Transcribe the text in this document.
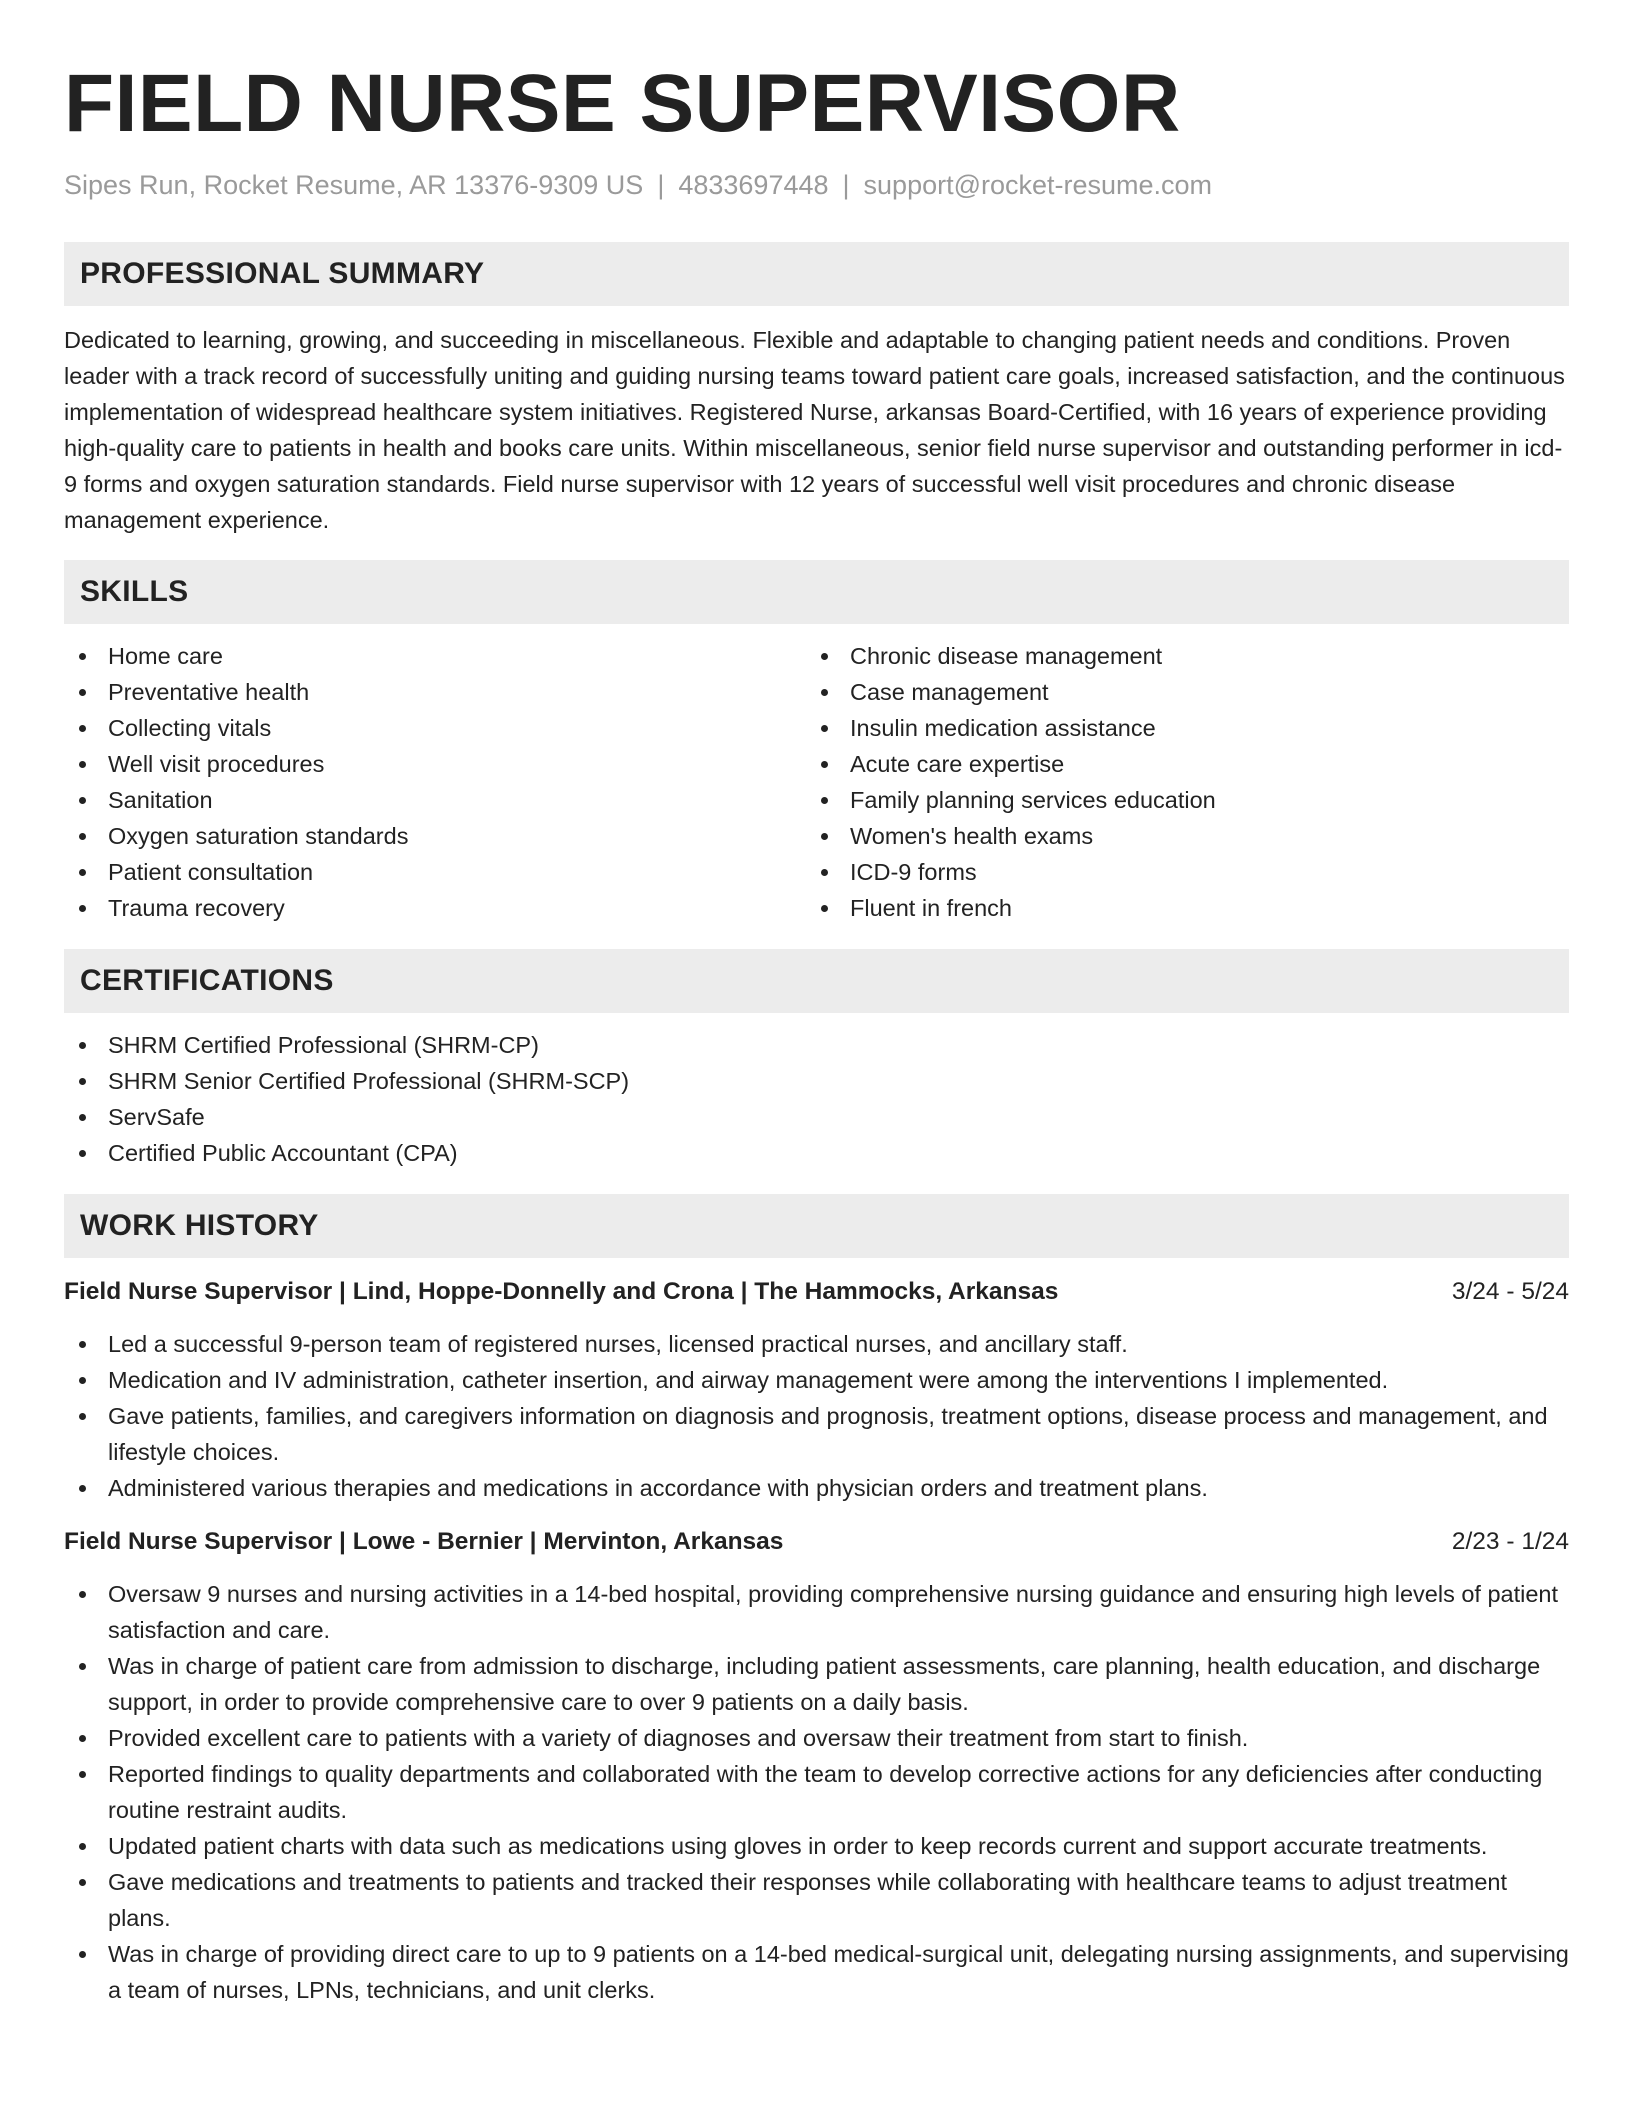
FIELD NURSE SUPERVISOR
Sipes Run, Rocket Resume, AR 13376-9309 US | 4833697448 | support@rocket-resume.com
PROFESSIONAL SUMMARY
Dedicated to learning, growing, and succeeding in miscellaneous. Flexible and adaptable to changing patient needs and conditions. Proven leader with a track record of successfully uniting and guiding nursing teams toward patient care goals, increased satisfaction, and the continuous implementation of widespread healthcare system initiatives. Registered Nurse, arkansas Board-Certified, with 16 years of experience providing high-quality care to patients in health and books care units. Within miscellaneous, senior field nurse supervisor and outstanding performer in icd-9 forms and oxygen saturation standards. Field nurse supervisor with 12 years of successful well visit procedures and chronic disease management experience.
SKILLS
Home care
Preventative health
Collecting vitals
Well visit procedures
Sanitation
Oxygen saturation standards
Patient consultation
Trauma recovery
Chronic disease management
Case management
Insulin medication assistance
Acute care expertise
Family planning services education
Women's health exams
ICD-9 forms
Fluent in french
CERTIFICATIONS
SHRM Certified Professional (SHRM-CP)
SHRM Senior Certified Professional (SHRM-SCP)
ServSafe
Certified Public Accountant (CPA)
WORK HISTORY
Field Nurse Supervisor | Lind, Hoppe-Donnelly and Crona | The Hammocks, Arkansas	3/24 - 5/24
Led a successful 9-person team of registered nurses, licensed practical nurses, and ancillary staff.
Medication and IV administration, catheter insertion, and airway management were among the interventions I implemented.
Gave patients, families, and caregivers information on diagnosis and prognosis, treatment options, disease process and management, and lifestyle choices.
Administered various therapies and medications in accordance with physician orders and treatment plans.
Field Nurse Supervisor | Lowe - Bernier | Mervinton, Arkansas	2/23 - 1/24
Oversaw 9 nurses and nursing activities in a 14-bed hospital, providing comprehensive nursing guidance and ensuring high levels of patient satisfaction and care.
Was in charge of patient care from admission to discharge, including patient assessments, care planning, health education, and discharge support, in order to provide comprehensive care to over 9 patients on a daily basis.
Provided excellent care to patients with a variety of diagnoses and oversaw their treatment from start to finish.
Reported findings to quality departments and collaborated with the team to develop corrective actions for any deficiencies after conducting routine restraint audits.
Updated patient charts with data such as medications using gloves in order to keep records current and support accurate treatments.
Gave medications and treatments to patients and tracked their responses while collaborating with healthcare teams to adjust treatment plans.
Was in charge of providing direct care to up to 9 patients on a 14-bed medical-surgical unit, delegating nursing assignments, and supervising a team of nurses, LPNs, technicians, and unit clerks.
